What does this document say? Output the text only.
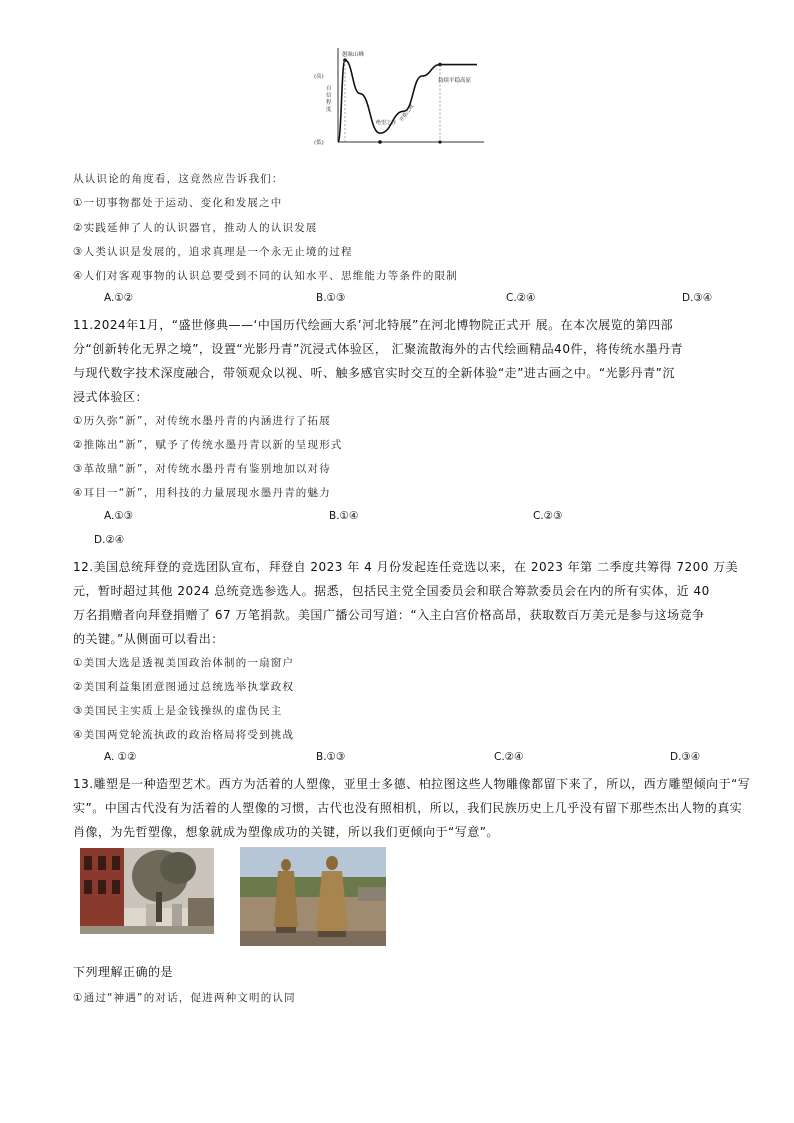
(高)
(低)
自
信
程
度
愚昧山峰
绝望之谷 开悟之坡
持续平稳高原
从认识论的角度看，这竟然应告诉我们：
①一切事物都处于运动、变化和发展之中
②实践延伸了人的认识器官，推动人的认识发展
③人类认识是发展的，追求真理是一个永无止境的过程
④人们对客观事物的认识总要受到不同的认知水平、思维能力等条件的限制
A.①②	B.①③	C.②④	D.③④
11.2024年1月，“盛世修典——‘中国历代绘画大系’河北特展”在河北博物院正式开 展。在本次展览的第四部
分“创新转化无界之境”，设置“光影丹青”沉浸式体验区， 汇聚流散海外的古代绘画精品40件，将传统水墨丹青
与现代数字技术深度融合，带领观众以视、听、触多感官实时交互的全新体验“走”进古画之中。“光影丹青”沉
浸式体验区：
①历久弥“新”，对传统水墨丹青的内涵进行了拓展
②推陈出“新”，赋予了传统水墨丹青以新的呈现形式
③革故鼎“新”，对传统水墨丹青有鉴别地加以对待
④耳目一“新”，用科技的力量展现水墨丹青的魅力
A.①③	B.①④	C.②③
D.②④
12.美国总统拜登的竞选团队宣布，拜登自 2023 年 4 月份发起连任竞选以来，在 2023 年第 二季度共筹得 7200 万美
元，暂时超过其他 2024 总统竞选参选人。据悉，包括民主党全国委员会和联合筹款委员会在内的所有实体，近 40
万名捐赠者向拜登捐赠了 67 万笔捐款。美国广播公司写道：“入主白宫价格高昂，获取数百万美元是参与这场竞争
的关键。”从侧面可以看出：
①美国大选是透视美国政治体制的一扇窗户
②美国利益集团意图通过总统选举执掌政权
③美国民主实质上是金钱操纵的虚伪民主
④美国两党轮流执政的政治格局将受到挑战
A. ①②	B.①③	C.②④	D.③④
13.雕塑是一种造型艺术。西方为活着的人塑像，亚里士多德、柏拉图这些人物雕像都留下来了，所以，西方雕塑倾向于“写
实”。中国古代没有为活着的人塑像的习惯，古代也没有照相机，所以，我们民族历史上几乎没有留下那些杰出人物的真实
肖像，为先哲塑像，想象就成为塑像成功的关键，所以我们更倾向于“写意”。
下列理解正确的是
①通过“神遇”的对话，促进两种文明的认同
